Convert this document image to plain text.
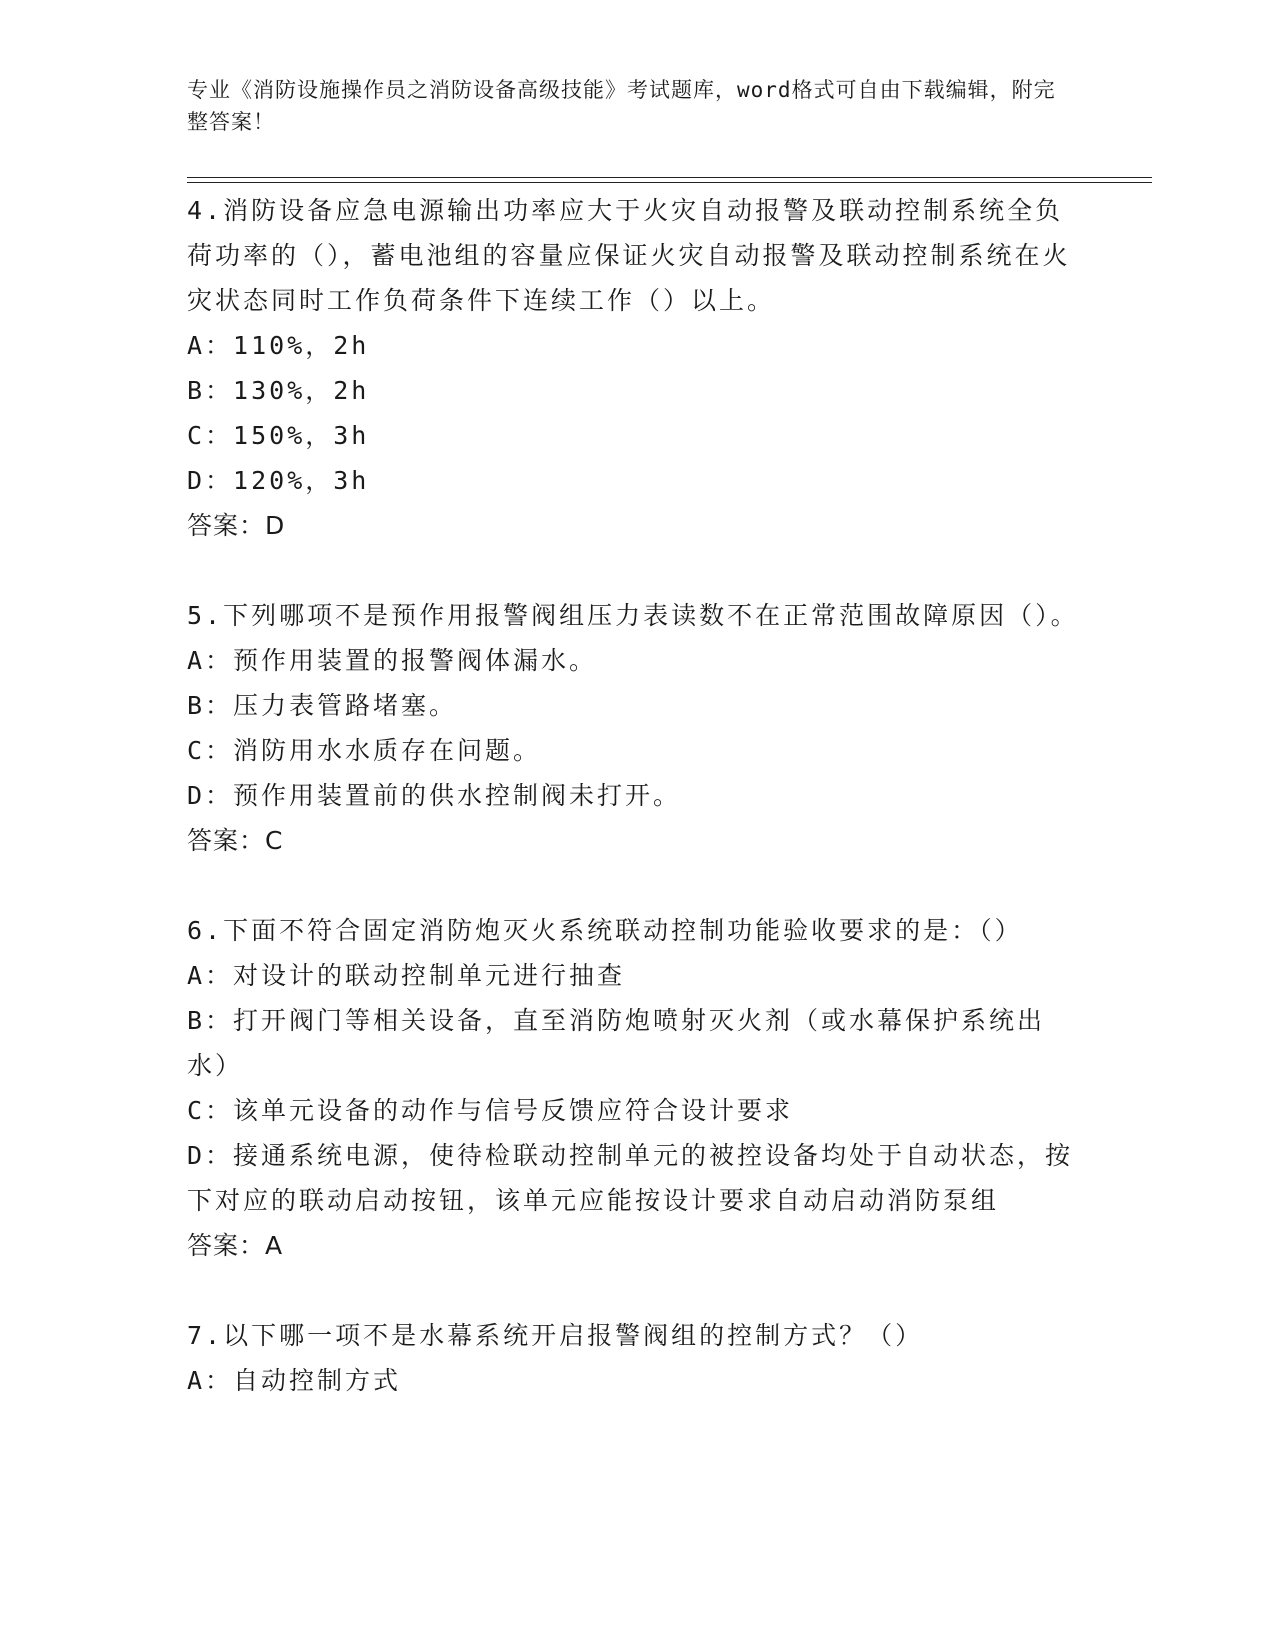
专业《消防设施操作员之消防设备高级技能》考试题库，word格式可自由下载编辑，附完整答案！

4.消防设备应急电源输出功率应大于火灾自动报警及联动控制系统全负荷功率的（），蓄电池组的容量应保证火灾自动报警及联动控制系统在火灾状态同时工作负荷条件下连续工作（）以上。

A：110%，2h

B：130%，2h

C：150%，3h

D：120%，3h

答案：D

5.下列哪项不是预作用报警阀组压力表读数不在正常范围故障原因（）。

A：预作用装置的报警阀体漏水。

B：压力表管路堵塞。

C：消防用水水质存在问题。

D：预作用装置前的供水控制阀未打开。

答案：C

6.下面不符合固定消防炮灭火系统联动控制功能验收要求的是：（）

A：对设计的联动控制单元进行抽查

B：打开阀门等相关设备，直至消防炮喷射灭火剂（或水幕保护系统出水）

C：该单元设备的动作与信号反馈应符合设计要求

D：接通系统电源，使待检联动控制单元的被控设备均处于自动状态，按下对应的联动启动按钮，该单元应能按设计要求自动启动消防泵组

答案：A

7.以下哪一项不是水幕系统开启报警阀组的控制方式？（）

A：自动控制方式
